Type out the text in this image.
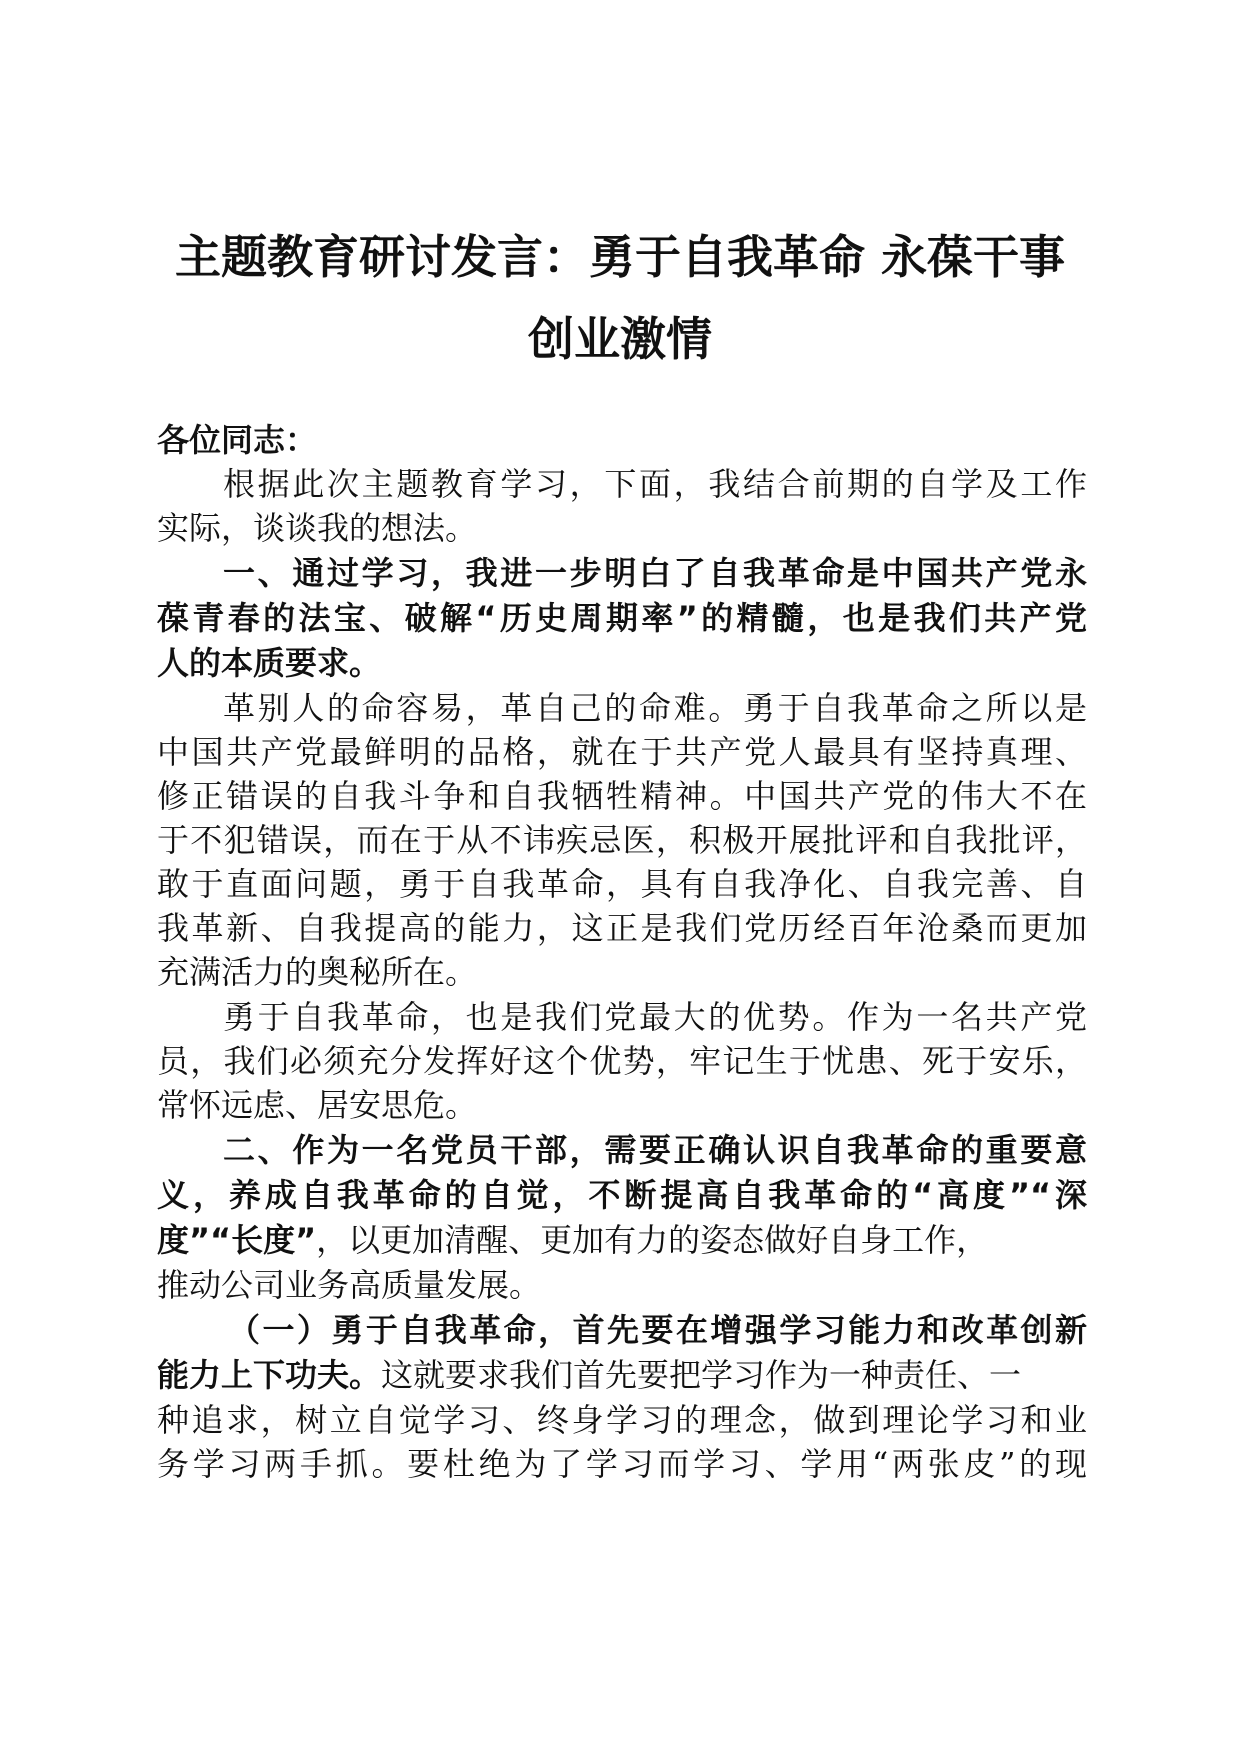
主题教育研讨发言：勇于自我革命 永葆干事
创业激情
各位同志：
根据此次主题教育学习，下面，我结合前期的自学及工作
实际，谈谈我的想法。
一、通过学习，我进一步明白了自我革命是中国共产党永
葆青春的法宝、破解“历史周期率”的精髓，也是我们共产党
人的本质要求。
革别人的命容易，革自己的命难。勇于自我革命之所以是
中国共产党最鲜明的品格，就在于共产党人最具有坚持真理、
修正错误的自我斗争和自我牺牲精神。中国共产党的伟大不在
于不犯错误，而在于从不讳疾忌医，积极开展批评和自我批评，
敢于直面问题，勇于自我革命，具有自我净化、自我完善、自
我革新、自我提高的能力，这正是我们党历经百年沧桑而更加
充满活力的奥秘所在。
勇于自我革命，也是我们党最大的优势。作为一名共产党
员，我们必须充分发挥好这个优势，牢记生于忧患、死于安乐，
常怀远虑、居安思危。
二、作为一名党员干部，需要正确认识自我革命的重要意
义，养成自我革命的自觉，不断提高自我革命的“高度”“深
度”“长度”，以更加清醒、更加有力的姿态做好自身工作，
推动公司业务高质量发展。
（一）勇于自我革命，首先要在增强学习能力和改革创新
能力上下功夫。这就要求我们首先要把学习作为一种责任、一
种追求，树立自觉学习、终身学习的理念，做到理论学习和业
务学习两手抓。要杜绝为了学习而学习、学用“两张皮”的现
